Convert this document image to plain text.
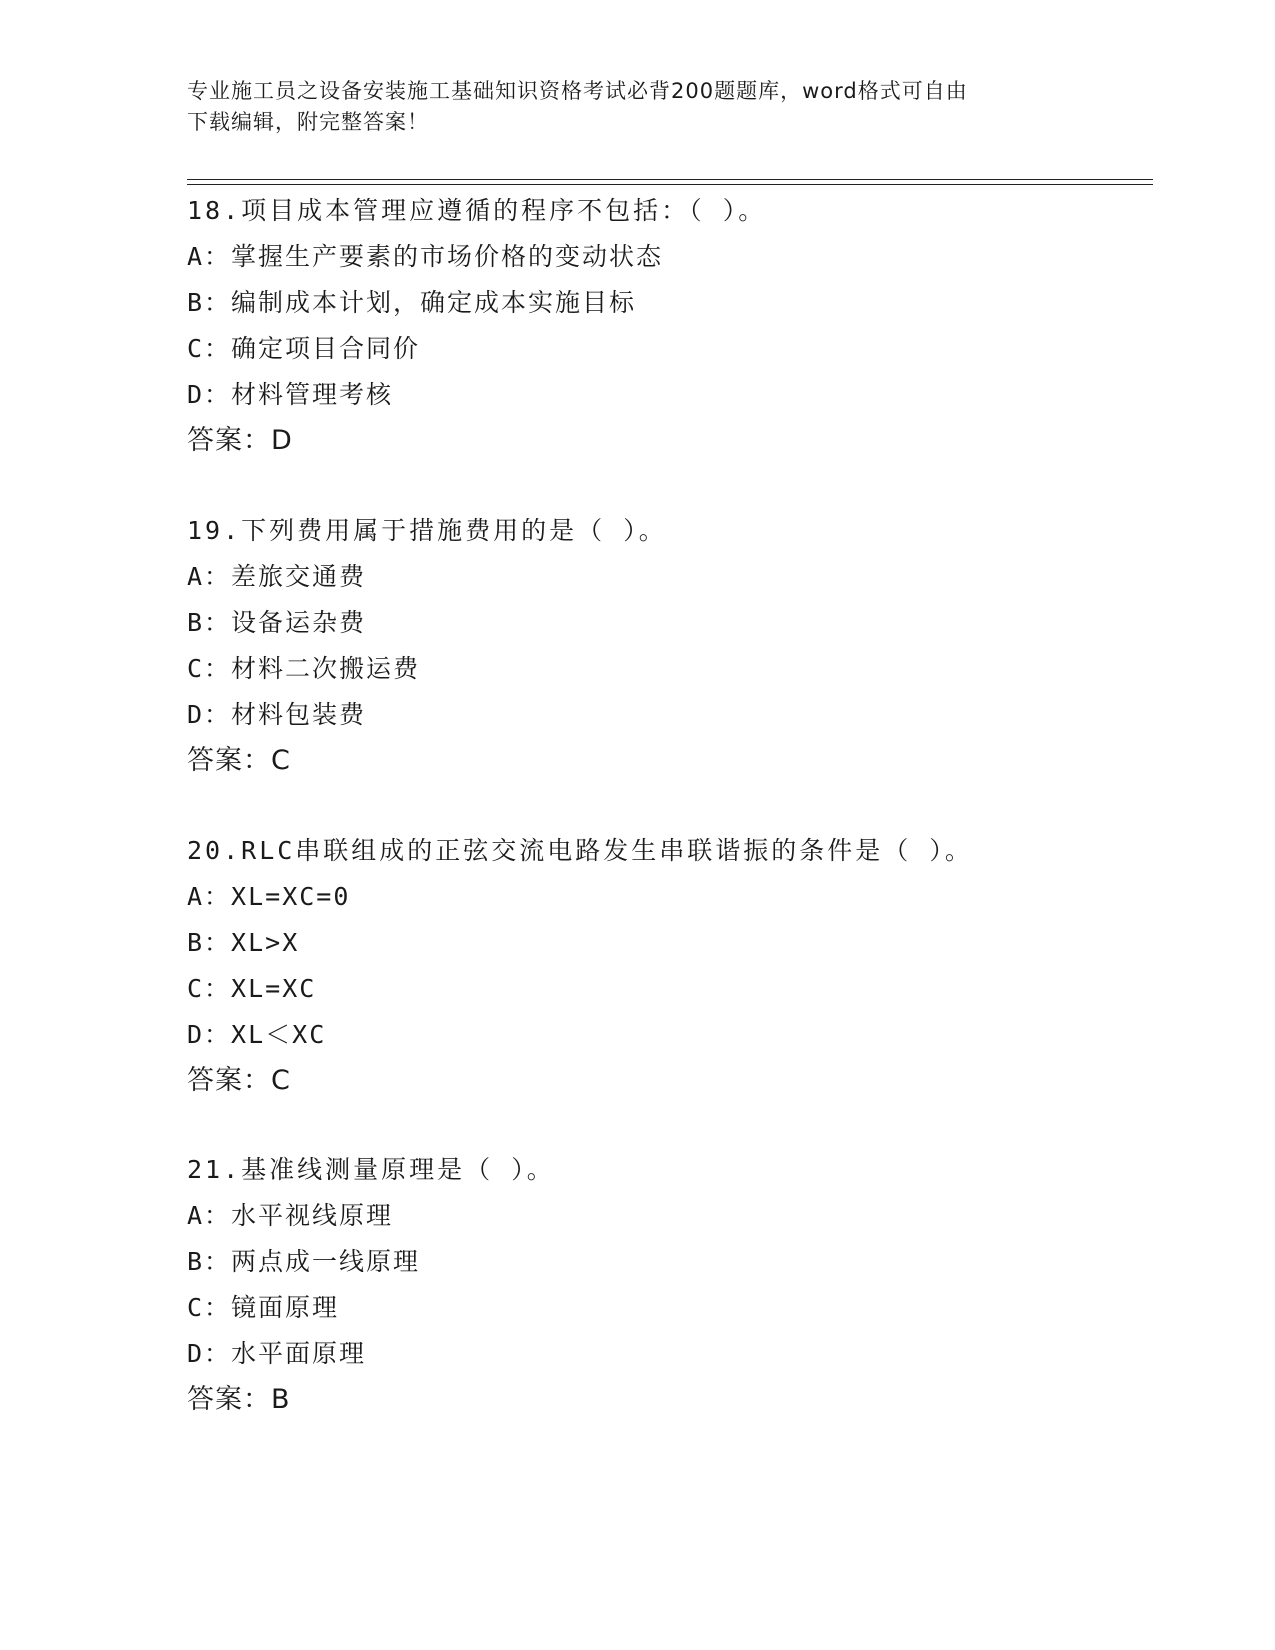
专业施工员之设备安装施工基础知识资格考试必背200题题库，word格式可自由
下载编辑，附完整答案！
18.项目成本管理应遵循的程序不包括：（ ）。
A：掌握生产要素的市场价格的变动状态
B：编制成本计划，确定成本实施目标
C：确定项目合同价
D：材料管理考核
答案：D
19.下列费用属于措施费用的是（ ）。
A：差旅交通费
B：设备运杂费
C：材料二次搬运费
D：材料包装费
答案：C
20.RLC串联组成的正弦交流电路发生串联谐振的条件是（ ）。
A：XL=XC=0
B：XL>X
C：XL=XC
D：XL＜XC
答案：C
21.基准线测量原理是（ ）。
A：水平视线原理
B：两点成一线原理
C：镜面原理
D：水平面原理
答案：B
